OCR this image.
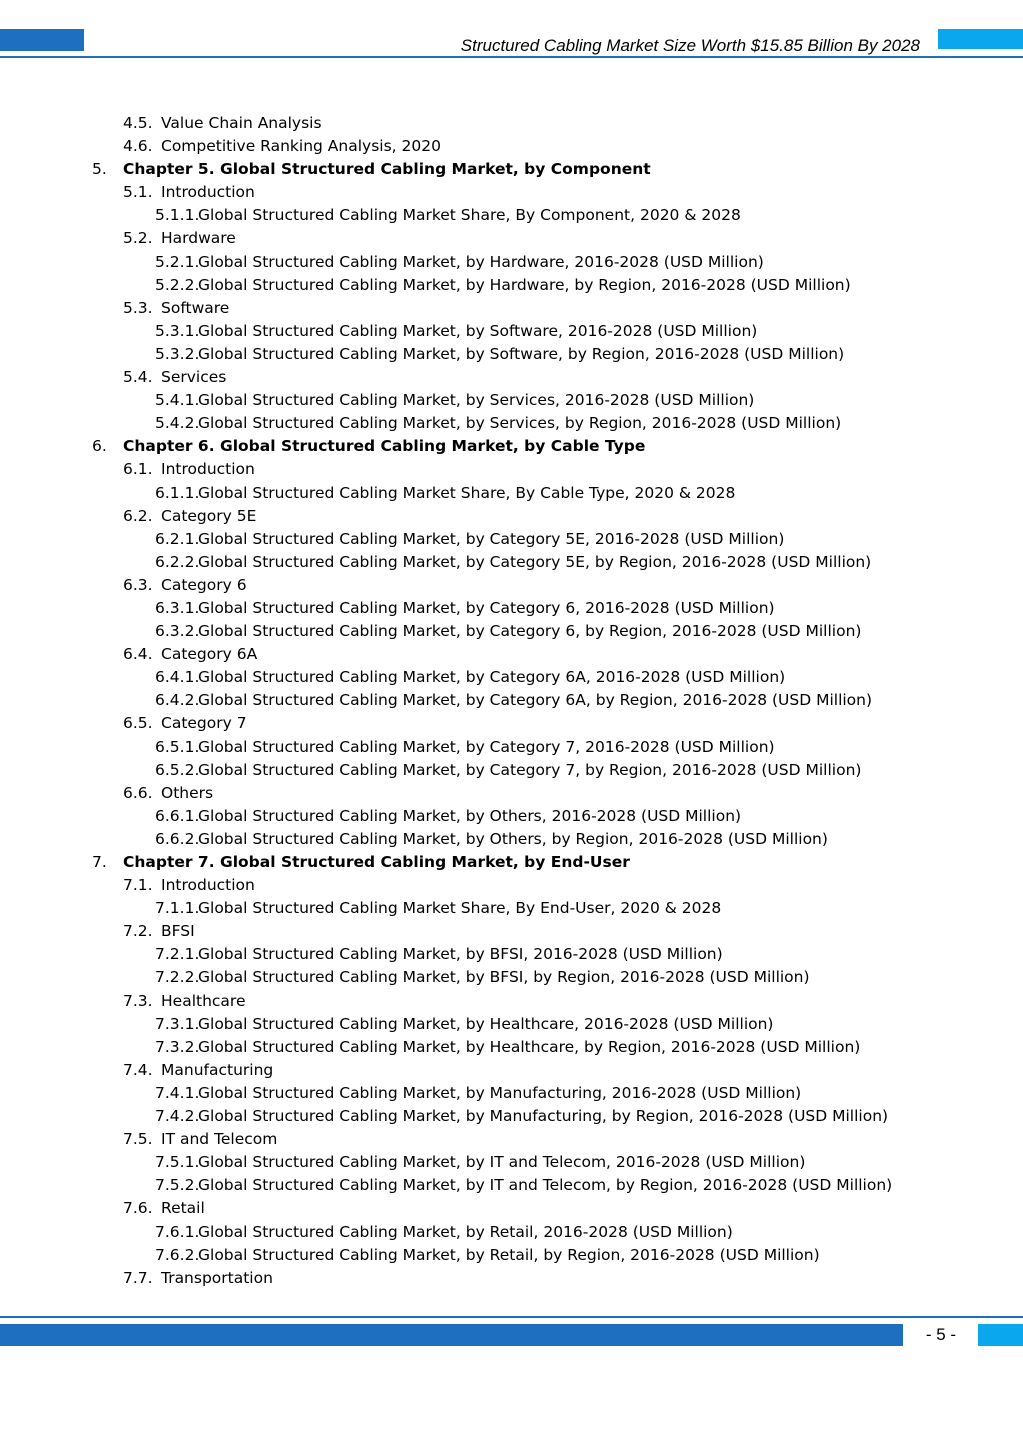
Structured Cabling Market Size Worth $15.85 Billion By 2028
4.5. Value Chain Analysis
4.6. Competitive Ranking Analysis, 2020
5. Chapter 5. Global Structured Cabling Market, by Component
5.1. Introduction
5.1.1.
Global Structured Cabling Market Share, By Component, 2020 & 2028
5.2. Hardware
5.2.1.
Global Structured Cabling Market, by Hardware, 2016-2028 (USD Million)
5.2.2.
Global Structured Cabling Market, by Hardware, by Region, 2016-2028 (USD Million)
5.3. Software
5.3.1.
Global Structured Cabling Market, by Software, 2016-2028 (USD Million)
5.3.2.
Global Structured Cabling Market, by Software, by Region, 2016-2028 (USD Million)
5.4. Services
5.4.1.
Global Structured Cabling Market, by Services, 2016-2028 (USD Million)
5.4.2.
Global Structured Cabling Market, by Services, by Region, 2016-2028 (USD Million)
6. Chapter 6. Global Structured Cabling Market, by Cable Type
6.1. Introduction
6.1.1.
Global Structured Cabling Market Share, By Cable Type, 2020 & 2028
6.2. Category 5E
6.2.1.
Global Structured Cabling Market, by Category 5E, 2016-2028 (USD Million)
6.2.2.
Global Structured Cabling Market, by Category 5E, by Region, 2016-2028 (USD Million)
6.3. Category 6
6.3.1.
Global Structured Cabling Market, by Category 6, 2016-2028 (USD Million)
6.3.2.
Global Structured Cabling Market, by Category 6, by Region, 2016-2028 (USD Million)
6.4. Category 6A
6.4.1.
Global Structured Cabling Market, by Category 6A, 2016-2028 (USD Million)
6.4.2.
Global Structured Cabling Market, by Category 6A, by Region, 2016-2028 (USD Million)
6.5. Category 7
6.5.1.
Global Structured Cabling Market, by Category 7, 2016-2028 (USD Million)
6.5.2.
Global Structured Cabling Market, by Category 7, by Region, 2016-2028 (USD Million)
6.6. Others
6.6.1.
Global Structured Cabling Market, by Others, 2016-2028 (USD Million)
6.6.2.
Global Structured Cabling Market, by Others, by Region, 2016-2028 (USD Million)
7. Chapter 7. Global Structured Cabling Market, by End-User
7.1. Introduction
7.1.1.
Global Structured Cabling Market Share, By End-User, 2020 & 2028
7.2. BFSI
7.2.1.
Global Structured Cabling Market, by BFSI, 2016-2028 (USD Million)
7.2.2.
Global Structured Cabling Market, by BFSI, by Region, 2016-2028 (USD Million)
7.3. Healthcare
7.3.1.
Global Structured Cabling Market, by Healthcare, 2016-2028 (USD Million)
7.3.2.
Global Structured Cabling Market, by Healthcare, by Region, 2016-2028 (USD Million)
7.4. Manufacturing
7.4.1.
Global Structured Cabling Market, by Manufacturing, 2016-2028 (USD Million)
7.4.2.
Global Structured Cabling Market, by Manufacturing, by Region, 2016-2028 (USD Million)
7.5. IT and Telecom
7.5.1.
Global Structured Cabling Market, by IT and Telecom, 2016-2028 (USD Million)
7.5.2.
Global Structured Cabling Market, by IT and Telecom, by Region, 2016-2028 (USD Million)
7.6. Retail
7.6.1.
Global Structured Cabling Market, by Retail, 2016-2028 (USD Million)
7.6.2.
Global Structured Cabling Market, by Retail, by Region, 2016-2028 (USD Million)
7.7. Transportation
- 5 -
